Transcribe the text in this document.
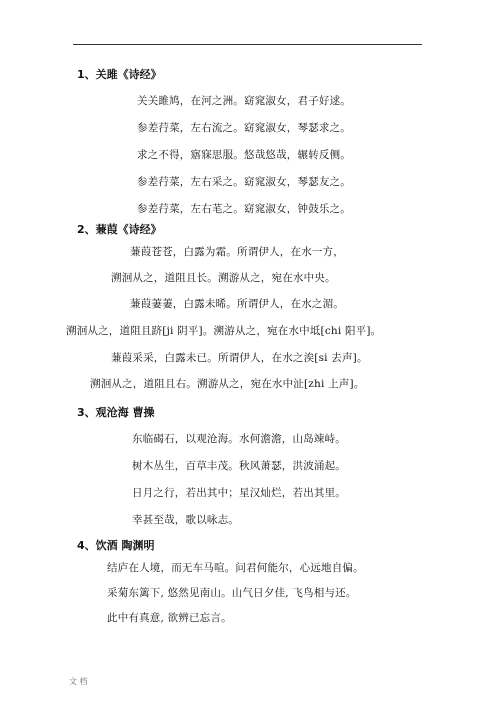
1、关雎《诗经》
关关雎鸠，在河之洲。窈窕淑女，君子好逑。
参差荇菜，左右流之。窈窕淑女，琴瑟求之。
求之不得，寤寐思服。悠哉悠哉，辗转反侧。
参差荇菜，左右采之。窈窕淑女，琴瑟友之。
参差荇菜，左右芼之。窈窕淑女，钟鼓乐之。
2、蒹葭《诗经》
蒹葭苍苍，白露为霜。所谓伊人，在水一方，
溯洄从之，道阻且长。溯游从之，宛在水中央。
蒹葭萋萋，白露未晞。所谓伊人，在水之湄。
溯洄从之，道阻且跻[ji 阴平]。溯游从之，宛在水中坻[chi 阳平]。
蒹葭采采，白露未已。所谓伊人，在水之涘[si 去声]。
溯洄从之，道阻且右。溯游从之，宛在水中沚[zhi 上声]。
3、观沧海 曹操
东临碣石，以观沧海。水何澹澹，山岛竦峙。
树木丛生，百草丰茂。秋风萧瑟，洪波涌起。
日月之行，若出其中；星汉灿烂，若出其里。
幸甚至哉，歌以咏志。
4、饮酒 陶渊明
结庐在人境，而无车马喧。问君何能尔，心远地自偏。
采菊东篱下, 悠然见南山。山气日夕佳, 飞鸟相与还。
此中有真意, 欲辨已忘言。
文 档
